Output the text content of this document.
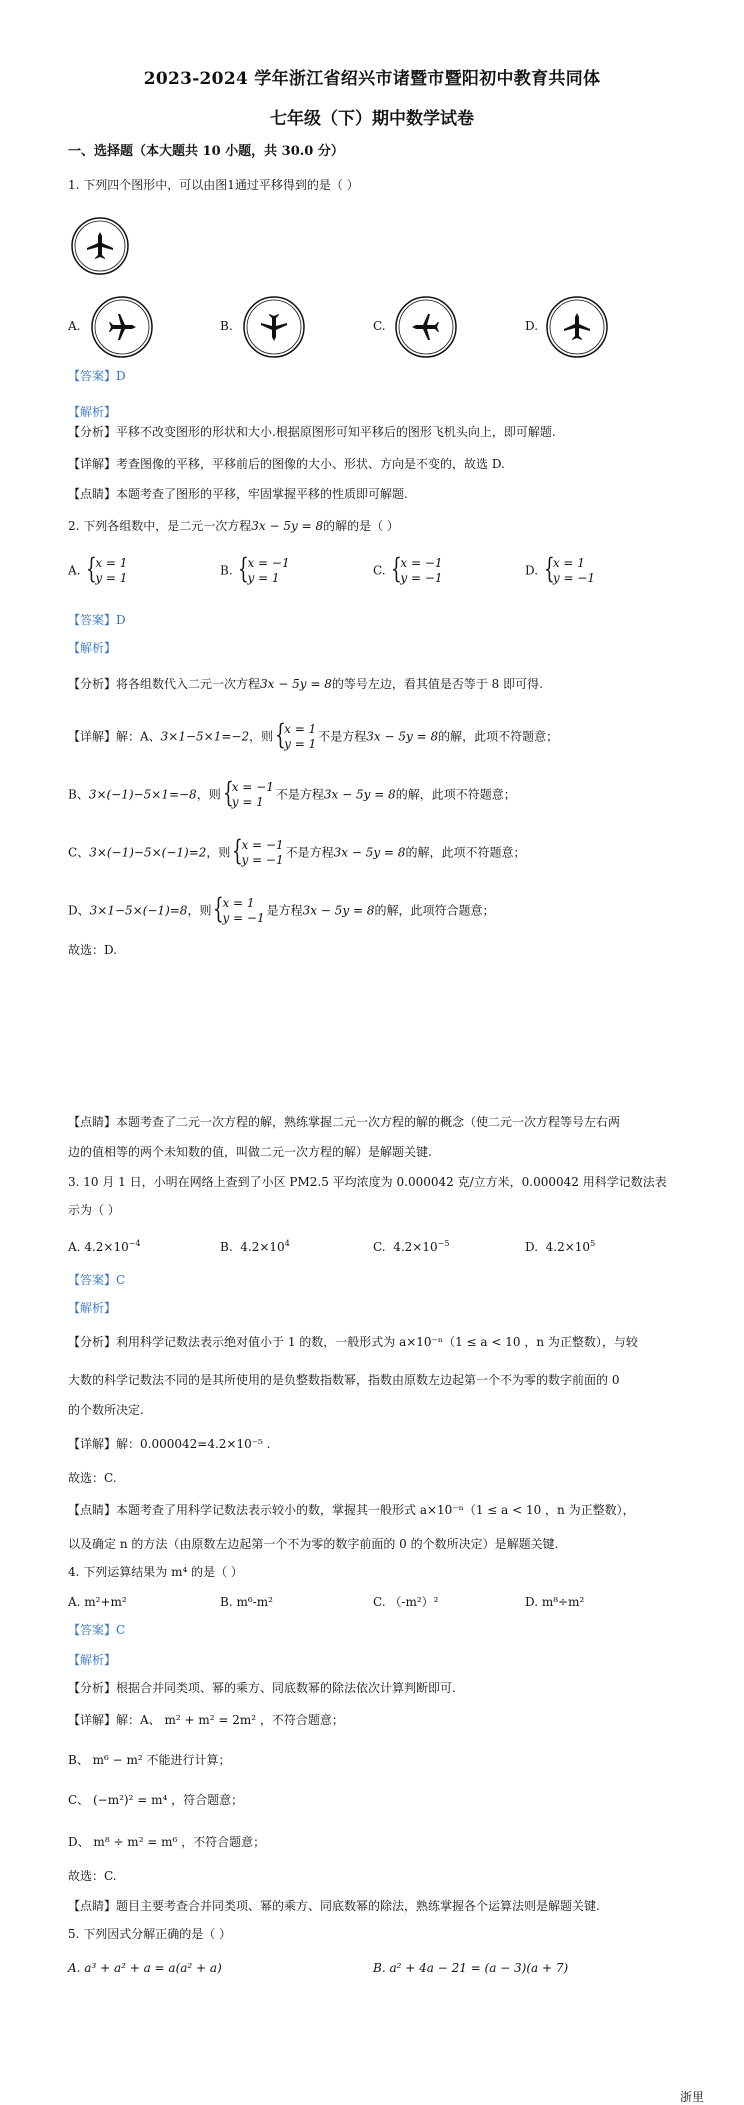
2023-2024 学年浙江省绍兴市诸暨市暨阳初中教育共同体
七年级（下）期中数学试卷
一、选择题（本大题共 10 小题，共 30.0 分）
1. 下列四个图形中，可以由图1通过平移得到的是（ ）
A.	B.	C.	D.
【答案】D
【解析】
【分析】平移不改变图形的形状和大小.根据原图形可知平移后的图形飞机头向上，即可解题.
【详解】考查图像的平移，平移前后的图像的大小、形状、方向是不变的，故选 D.
【点睛】本题考查了图形的平移，牢固掌握平移的性质即可解题.
2. 下列各组数中，是二元一次方程3x − 5y = 8的解的是（ ）
A. {
x = 1
y = 1
B. {
x = −1
y = 1
C. {
x = −1
y = −1
D. {
x = 1
y = −1
【答案】D
【解析】
【分析】将各组数代入二元一次方程3x − 5y = 8的等号左边，看其值是否等于 8 即可得.
【详解】解：A、3×1−5×1=−2，则 {
x = 1
y = 1
不是方程3x − 5y = 8的解，此项不符题意；
B、3×(−1)−5×1=−8，则 {
x = −1
y = 1
不是方程3x − 5y = 8的解，此项不符题意；
C、3×(−1)−5×(−1)=2，则 {
x = −1
y = −1
不是方程3x − 5y = 8的解，此项不符题意；
D、3×1−5×(−1)=8，则 {
x = 1
y = −1
是方程3x − 5y = 8的解，此项符合题意；
故选：D.
【点睛】本题考查了二元一次方程的解，熟练掌握二元一次方程的解的概念（使二元一次方程等号左右两
边的值相等的两个未知数的值，叫做二元一次方程的解）是解题关键.
3. 10 月 1 日，小明在网络上查到了小区 PM2.5 平均浓度为 0.000042 克/立方米，0.000042 用科学记数法表
示为（ ）
A. $4.2\times 10^{-4}$	B. $4.2\times 10^4$	C. $4.2\times 10^{-5}$	D. $4.2\times 10^5$
【答案】C
【解析】
【分析】利用科学记数法表示绝对值小于 1 的数，一般形式为 a×10⁻ⁿ（1 ≤ a < 10 ，n 为正整数），与较
大数的科学记数法不同的是其所使用的是负整数指数幂，指数由原数左边起第一个不为零的数字前面的 0
的个数所决定.
【详解】解：0.000042=4.2×10⁻⁵ .
故选：C.
【点睛】本题考查了用科学记数法表示较小的数，掌握其一般形式 a×10⁻ⁿ（1 ≤ a < 10 ，n 为正整数），
以及确定 n 的方法（由原数左边起第一个不为零的数字前面的 0 的个数所决定）是解题关键.
4. 下列运算结果为 m⁴ 的是（ ）
A. m²+m²	B. m⁶-m²	C. （-m²）²	D. m⁸÷m²
【答案】C
【解析】
【分析】根据合并同类项、幂的乘方、同底数幂的除法依次计算判断即可.
【详解】解：A、 m² + m² = 2m² ，不符合题意；
B、 m⁶ − m² 不能进行计算；
C、 (−m²)² = m⁴ ，符合题意；
D、 m⁸ ÷ m² = m⁶ ，不符合题意；
故选：C.
【点睛】题目主要考查合并同类项、幂的乘方、同底数幂的除法，熟练掌握各个运算法则是解题关键.
5. 下列因式分解正确的是（ ）
A. a³ + a² + a = a(a² + a)	B. a² + 4a − 21 = (a − 3)(a + 7)
浙里
